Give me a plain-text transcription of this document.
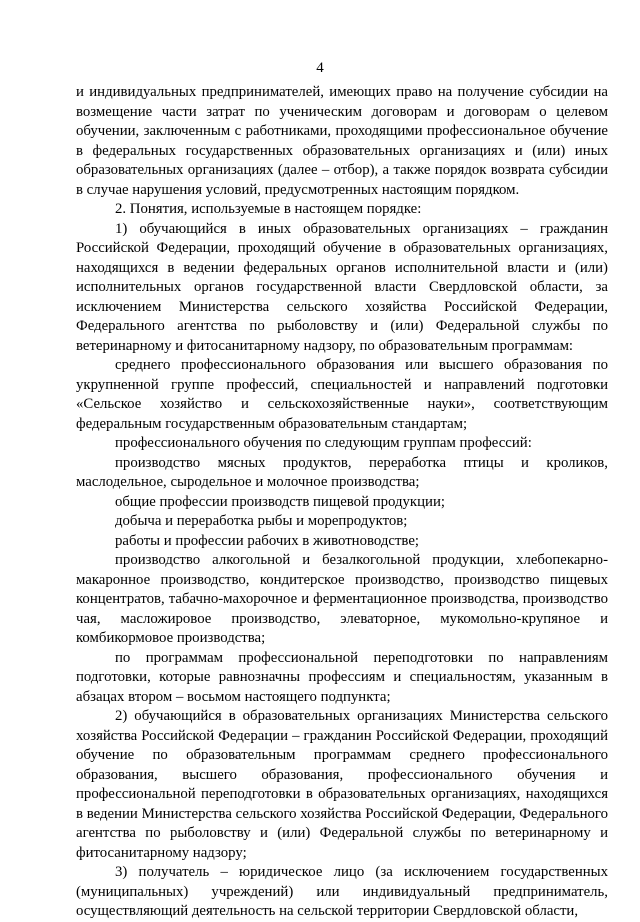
4

и индивидуальных предпринимателей, имеющих право на получение субсидии на возмещение части затрат по ученическим договорам и договорам о целевом обучении, заключенным с работниками, проходящими профессиональное обучение в федеральных государственных образовательных организациях и (или) иных образовательных организациях (далее – отбор), а также порядок возврата субсидии в случае нарушения условий, предусмотренных настоящим порядком.

2. Понятия, используемые в настоящем порядке:

1) обучающийся в иных образовательных организациях – гражданин Российской Федерации, проходящий обучение в образовательных организациях, находящихся в ведении федеральных органов исполнительной власти и (или) исполнительных органов государственной власти Свердловской области, за исключением Министерства сельского хозяйства Российской Федерации, Федерального агентства по рыболовству и (или) Федеральной службы по ветеринарному и фитосанитарному надзору, по образовательным программам:

среднего профессионального образования или высшего образования по укрупненной группе профессий, специальностей и направлений подготовки «Сельское хозяйство и сельскохозяйственные науки», соответствующим федеральным государственным образовательным стандартам;

профессионального обучения по следующим группам профессий:

производство мясных продуктов, переработка птицы и кроликов, маслодельное, сыродельное и молочное производства;

общие профессии производств пищевой продукции;

добыча и переработка рыбы и морепродуктов;

работы и профессии рабочих в животноводстве;

производство алкогольной и безалкогольной продукции, хлебопекарно-макаронное производство, кондитерское производство, производство пищевых концентратов, табачно-махорочное и ферментационное производства, производство чая, масложировое производство, элеваторное, мукомольно-крупяное и комбикормовое производства;

по программам профессиональной переподготовки по направлениям подготовки, которые равнозначны профессиям и специальностям, указанным в абзацах втором – восьмом настоящего подпункта;

2) обучающийся в образовательных организациях Министерства сельского хозяйства Российской Федерации – гражданин Российской Федерации, проходящий обучение по образовательным программам среднего профессионального образования, высшего образования, профессионального обучения и профессиональной переподготовки в образовательных организациях, находящихся в ведении Министерства сельского хозяйства Российской Федерации, Федерального агентства по рыболовству и (или) Федеральной службы по ветеринарному и фитосанитарному надзору;

3) получатель – юридическое лицо (за исключением государственных (муниципальных) учреждений) или индивидуальный предприниматель, осуществляющий деятельность на сельской территории Свердловской области,
